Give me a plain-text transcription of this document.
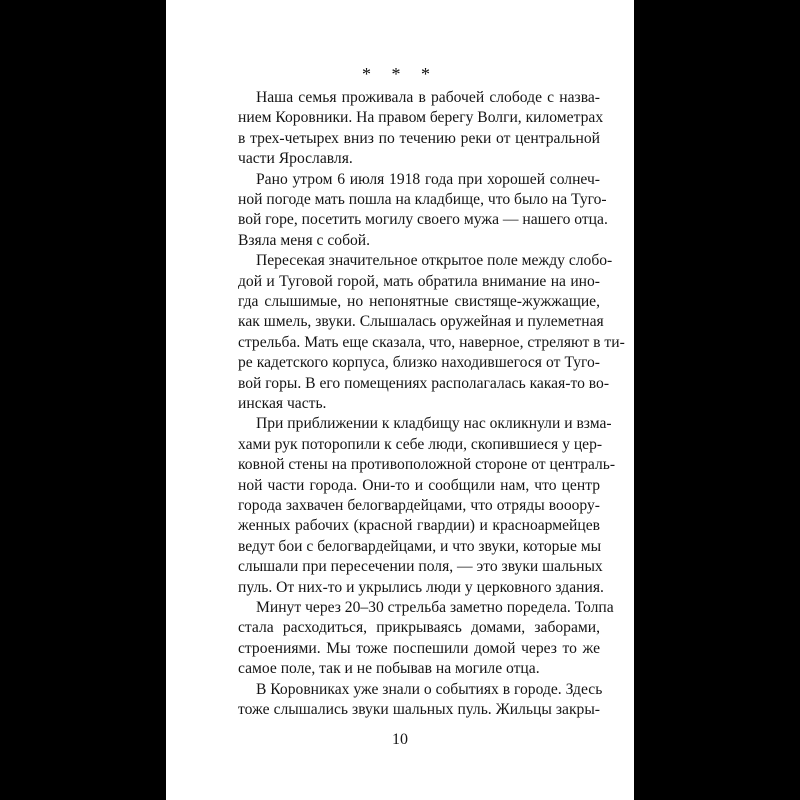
* * *
Наша семья проживала в рабочей слободе с назва-
нием Коровники. На правом берегу Волги, километрах
в трех-четырех вниз по течению реки от центральной
части Ярославля.
Рано утром 6 июля 1918 года при хорошей солнеч-
ной погоде мать пошла на кладбище, что было на Туго-
вой горе, посетить могилу своего мужа — нашего отца.
Взяла меня с собой.
Пересекая значительное открытое поле между слобо-
дой и Туговой горой, мать обратила внимание на ино-
гда слышимые, но непонятные свистяще-жужжащие,
как шмель, звуки. Слышалась оружейная и пулеметная
стрельба. Мать еще сказала, что, наверное, стреляют в ти-
ре кадетского корпуса, близко находившегося от Туго-
вой горы. В его помещениях располагалась какая-то во-
инская часть.
При приближении к кладбищу нас окликнули и взма-
хами рук поторопили к себе люди, скопившиеся у цер-
ковной стены на противоположной стороне от централь-
ной части города. Они-то и сообщили нам, что центр
города захвачен белогвардейцами, что отряды вооору-
женных рабочих (красной гвардии) и красноармейцев
ведут бои с белогвардейцами, и что звуки, которые мы
слышали при пересечении поля, — это звуки шальных
пуль. От них-то и укрылись люди у церковного здания.
Минут через 20–30 стрельба заметно поредела. Толпа
стала расходиться, прикрываясь домами, заборами,
строениями. Мы тоже поспешили домой через то же
самое поле, так и не побывав на могиле отца.
В Коровниках уже знали о событиях в городе. Здесь
тоже слышались звуки шальных пуль. Жильцы закры-
10
